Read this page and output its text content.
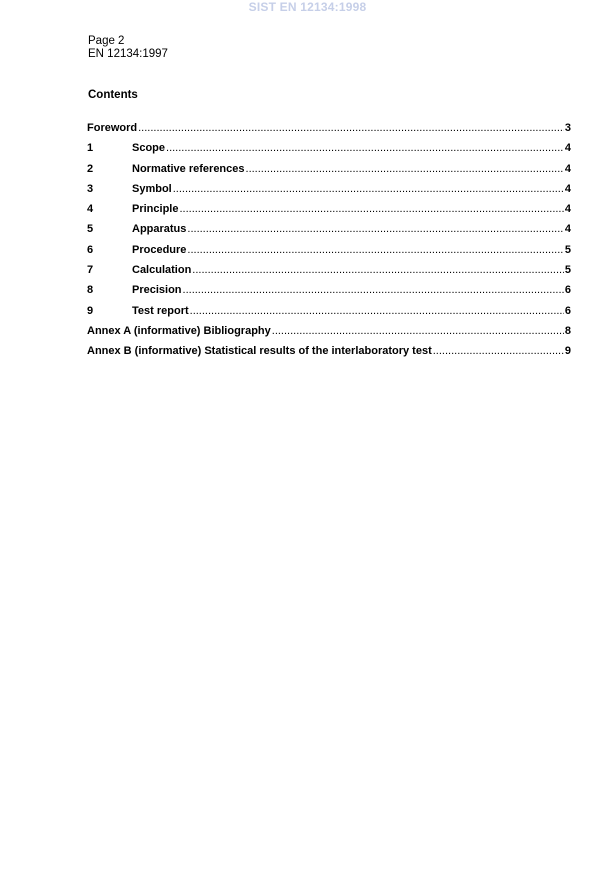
SIST EN 12134:1998
Page 2
EN 12134:1997
Contents
Foreword .....	3
1	Scope .....	4
2	Normative references .....	4
3	Symbol .....	4
4	Principle .....	4
5	Apparatus .....	4
6	Procedure .....	5
7	Calculation .....	5
8	Precision .....	6
9	Test report .....	6
Annex A (informative) Bibliography .....	8
Annex B (informative) Statistical results of the interlaboratory test .....	9
